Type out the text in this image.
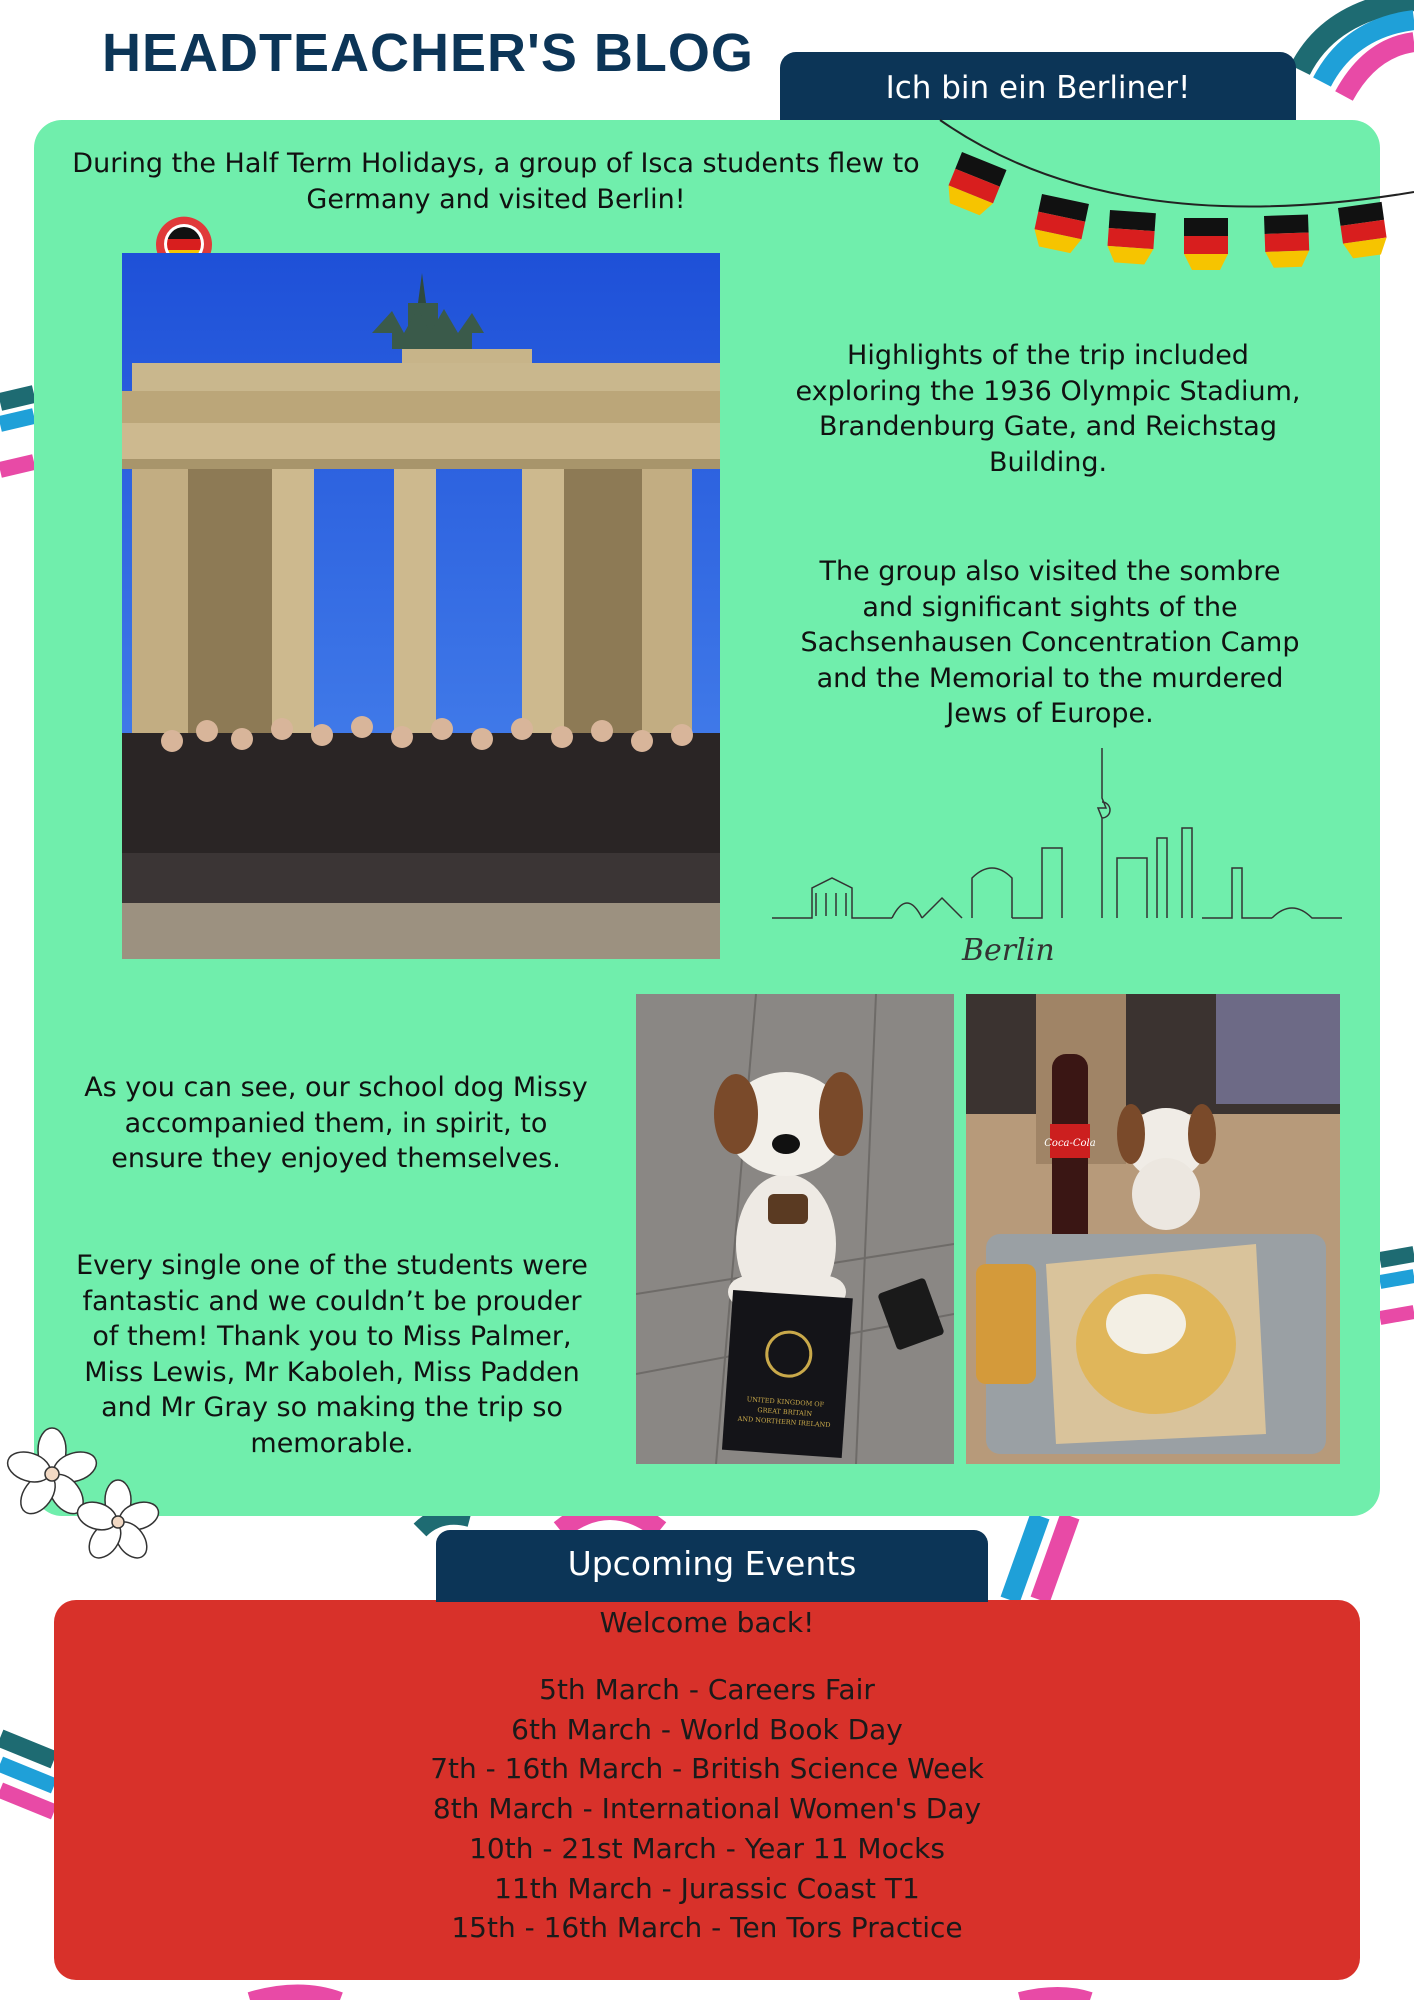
HEADTEACHER'S BLOG
Ich bin ein Berliner!

During the Half Term Holidays, a group of Isca students flew to Germany and visited Berlin!

Highlights of the trip included exploring the 1936 Olympic Stadium, Brandenburg Gate, and Reichstag Building.

The group also visited the sombre and significant sights of the Sachsenhausen Concentration Camp and the Memorial to the murdered Jews of Europe.

Berlin
UNITED KINGDOM OF
GREAT BRITAIN
AND NORTHERN IRELAND
Coca-Cola

As you can see, our school dog Missy accompanied them, in spirit, to ensure they enjoyed themselves.

Every single one of the students were fantastic and we couldn’t be prouder of them! Thank you to Miss Palmer, Miss Lewis, Mr Kaboleh, Miss Padden and Mr Gray so making the trip so memorable.

Upcoming Events

Welcome back!

5th March - Careers Fair
6th March - World Book Day
7th - 16th March - British Science Week
8th March - International Women's Day
10th - 21st March - Year 11 Mocks
11th March - Jurassic Coast T1
15th - 16th March - Ten Tors Practice
